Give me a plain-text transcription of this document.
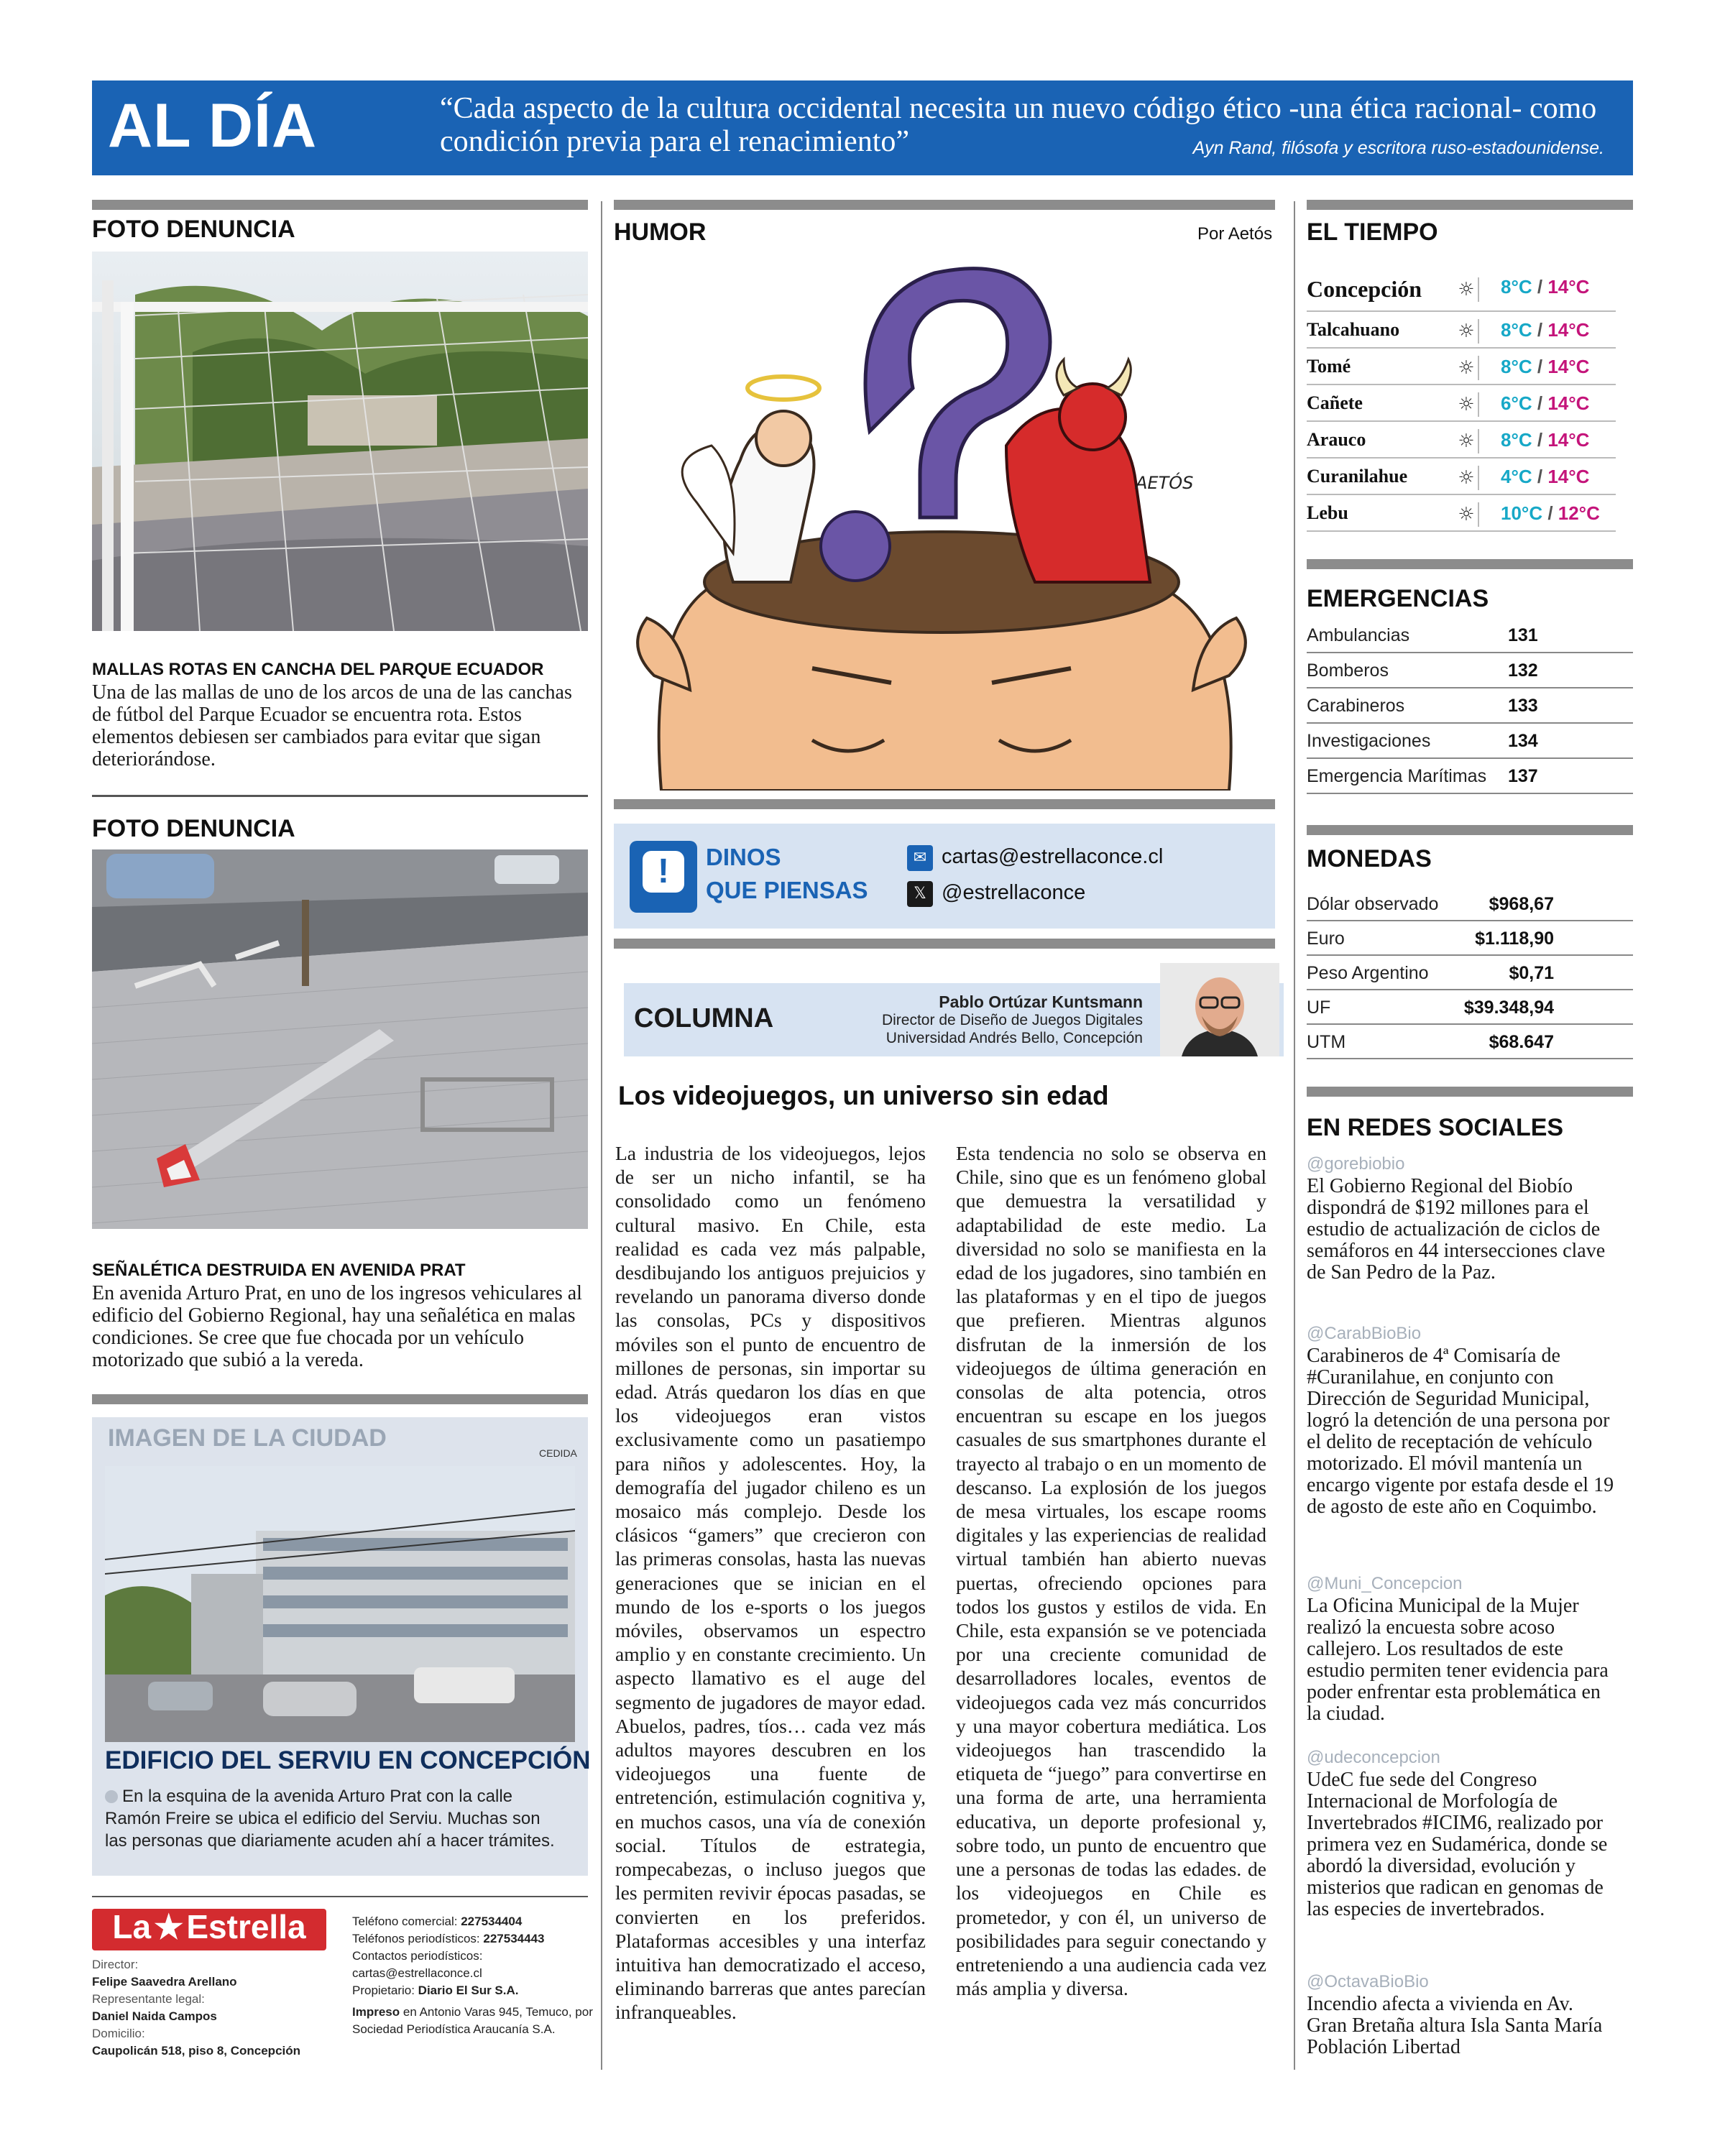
AL DÍA	“Cada aspecto de la cultura occidental necesita un nuevo código ético -una ética racional- como condición previa para el renacimiento”	Ayn Rand, filósofa y escritora ruso-estadounidense.
FOTO DENUNCIA
MALLAS ROTAS EN CANCHA DEL PARQUE ECUADOR
Una de las mallas de uno de los arcos de una de las canchas de fútbol del Parque Ecuador se encuentra rota. Estos elementos debiesen ser cambiados para evitar que sigan deteriorándose.
FOTO DENUNCIA
SEÑALÉTICA DESTRUIDA EN AVENIDA PRAT
En avenida Arturo Prat, en uno de los ingresos vehiculares al edificio del Gobierno Regional, hay una señalética en malas condiciones. Se cree que fue chocada por un vehículo motorizado que subió a la vereda.
IMAGEN DE LA CIUDAD
CEDIDA
EDIFICIO DEL SERVIU EN CONCEPCIÓN
En la esquina de la avenida Arturo Prat con la calle Ramón Freire se ubica el edificio del Serviu. Muchas son las personas que diariamente acuden ahí a hacer trámites.
La★Estrella
Director:
Felipe Saavedra Arellano
Representante legal:
Daniel Naida Campos
Domicilio:
Caupolicán 518, piso 8, Concepción
Teléfono comercial: 227534404
Teléfonos periodísticos: 227534443
Contactos periodísticos:
cartas@estrellaconce.cl
Propietario: Diario El Sur S.A.
Impreso en Antonio Varas 945, Temuco, por Sociedad Periodística Araucanía S.A.
HUMOR	Por Aetós
AETÓS
!	DINOS
QUE PIENSAS
✉ cartas@estrellaconce.cl
𝕏 @estrellaconce
COLUMNA
Pablo Ortúzar Kuntsmann
Director de Diseño de Juegos Digitales
Universidad Andrés Bello, Concepción
Los videojuegos, un universo sin edad
La industria de los videojuegos, lejos de ser un nicho infantil, se ha consolidado como un fenómeno cultural masivo. En Chile, esta realidad es cada vez más palpable, desdibujando los antiguos prejuicios y revelando un panorama diverso donde las consolas, PCs y dispositivos móviles son el punto de encuentro de millones de personas, sin importar su edad. Atrás quedaron los días en que los videojuegos eran vistos exclusivamente como un pasatiempo para niños y adolescentes. Hoy, la demografía del jugador chileno es un mosaico más complejo. Desde los clásicos “gamers” que crecieron con las primeras consolas, hasta las nuevas generaciones que se inician en el mundo de los e-sports o los juegos móviles, observamos un espectro amplio y en constante crecimiento. Un aspecto llamativo es el auge del segmento de jugadores de mayor edad. Abuelos, padres, tíos… cada vez más adultos mayores descubren en los videojuegos una fuente de entretención, estimulación cognitiva y, en muchos casos, una vía de conexión social. Títulos de estrategia, rompecabezas, o incluso juegos que les permiten revivir épocas pasadas, se convierten en los preferidos. Plataformas accesibles y una interfaz intuitiva han democratizado el acceso, eliminando barreras que antes parecían infranqueables.
Esta tendencia no solo se observa en Chile, sino que es un fenómeno global que demuestra la versatilidad y adaptabilidad de este medio. La diversidad no solo se manifiesta en la edad de los jugadores, sino también en las plataformas y en el tipo de juegos que prefieren. Mientras algunos disfrutan de la inmersión de los videojuegos de última generación en consolas de alta potencia, otros encuentran su escape en los juegos casuales de sus smartphones durante el trayecto al trabajo o en un momento de descanso. La explosión de los juegos de mesa virtuales, los escape rooms digitales y las experiencias de realidad virtual también han abierto nuevas puertas, ofreciendo opciones para todos los gustos y estilos de vida. En Chile, esta expansión se ve potenciada por una creciente comunidad de desarrolladores locales, eventos de videojuegos cada vez más concurridos y una mayor cobertura mediática. Los videojuegos han trascendido la etiqueta de “juego” para convertirse en una forma de arte, una herramienta educativa, un deporte profesional y, sobre todo, un punto de encuentro que une a personas de todas las edades. de los videojuegos en Chile es prometedor, y con él, un universo de posibilidades para seguir conectando y entreteniendo a una audiencia cada vez más amplia y diversa.
EL TIEMPO
Concepción ☼ 8°C / 14°C
Talcahuano	☼ 8°C / 14°C
Tomé	☼ 8°C / 14°C
Cañete	☼ 6°C / 14°C
Arauco	☼ 8°C / 14°C
Curanilahue	☼ 4°C / 14°C
Lebu	☼ 10°C / 12°C
EMERGENCIAS
Ambulancias	131
Bomberos	132
Carabineros	133
Investigaciones	134
Emergencia Marítimas 137
MONEDAS
Dólar observado	$968,67
Euro	$1.118,90
Peso Argentino	$0,71
UF	$39.348,94
UTM	$68.647
EN REDES SOCIALES
@gorebiobio
El Gobierno Regional del Biobío dispondrá de $192 millones para el estudio de actualización de ciclos de semáforos en 44 intersecciones clave de San Pedro de la Paz.
@CarabBioBio
Carabineros de 4ª Comisaría de #Curanilahue, en conjunto con Dirección de Seguridad Municipal, logró la detención de una persona por el delito de receptación de vehículo motorizado. El móvil mantenía un encargo vigente por estafa desde el 19 de agosto de este año en Coquimbo.
@Muni_Concepcion
La Oficina Municipal de la Mujer realizó la encuesta sobre acoso callejero. Los resultados de este estudio permiten tener evidencia para poder enfrentar esta problemática en la ciudad.
@udeconcepcion
UdeC fue sede del Congreso Internacional de Morfología de Invertebrados #ICIM6, realizado por primera vez en Sudamérica, donde se abordó la diversidad, evolución y misterios que radican en genomas de las especies de invertebrados.
@OctavaBioBio
Incendio afecta a vivienda en Av. Gran Bretaña altura Isla Santa María Población Libertad
